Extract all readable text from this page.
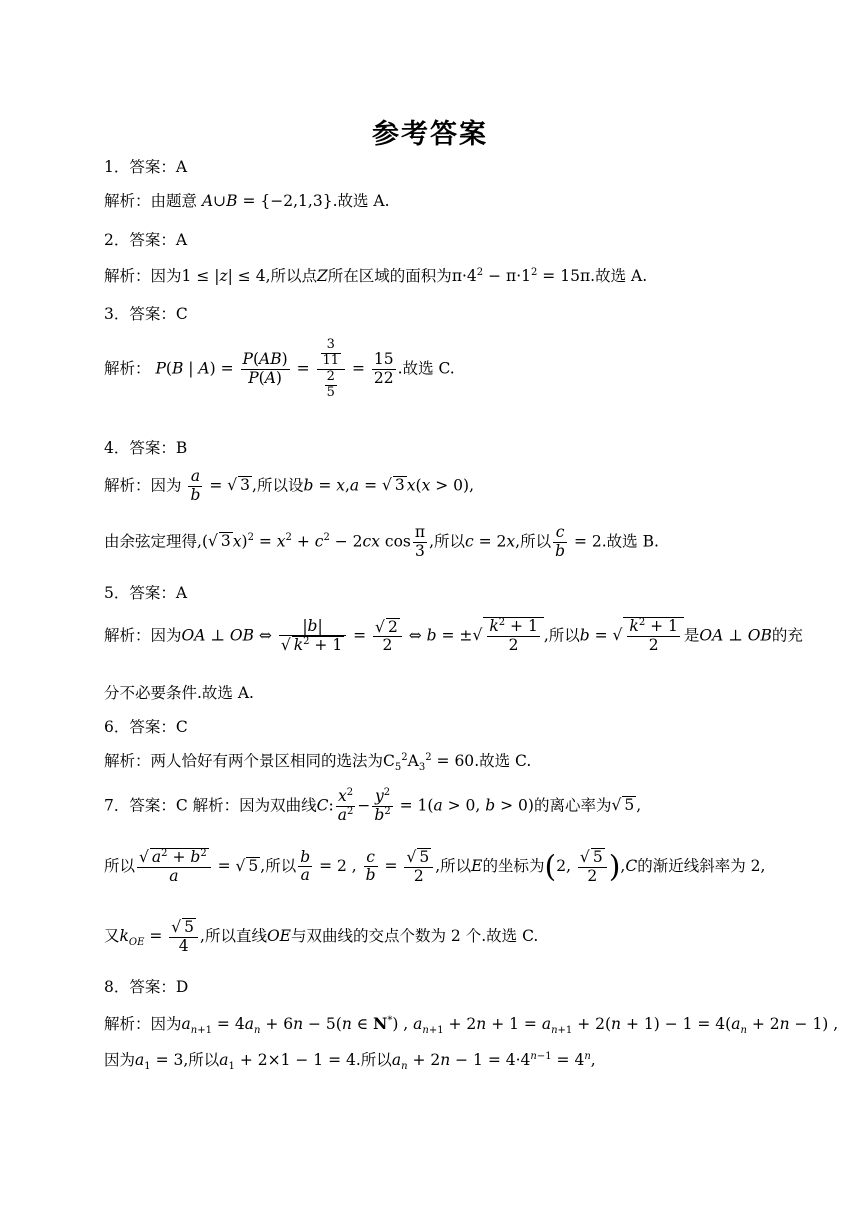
参考答案
1．答案：A
解析：由题意 A∪B = {−2,1,3}.故选 A.
2．答案：A
解析：因为1 ≤ |z| ≤ 4,所以点Z所在区域的面积为$\pi\cdot 4^2 - \pi\cdot 1^2 = 15\pi$.故选 A.
3．答案：C
解析： P(B | $A) = \frac{P(AB)}{P(A)} = \frac{\frac{3}{11}}{\frac{2}{5}} = \frac{15}{22}$ .故选 C.
4．答案：B
解析：因为 $\frac{a}{b}$ = √ 3 ,所以设b = x,a = √ 3 x(x > 0),
由余弦定理得,( √ 3 $x)^2 = x^2 + c^2 - 2cx$ $\cos \frac{\pi}{3}$ ,所以c = 2x,所以 $\frac{c}{b} = 2$.故选 B.
5．答案：A
解析：因为OA ⊥ OB ⇔ |b|
√ $k^2 + 1$ = √ $\frac{2}{2}$ ⇔ b = ±√ $\frac{k^2 + 1}{2}$ ,所以b = √ $\frac{k^2 + 1}{2}$ 是OA ⊥ OB的充
分不必要条件.故选 A.
6．答案：C
解析：两人恰好有两个景区相同的选法为$C_5^2A_3^2 = 60$.故选 C.
7．答案：C 解析：因为双曲线C: $\frac{x^2}{a^2} - \frac{y^2}{b^2} = 1(a > 0$, b > 0)的离心率为 √ 5 ,
所以 √ $\frac{a^2 + b^2}{a}$ = √ 5 ,所以 $\frac{b}{a} = 2$ , $\frac{c}{b}$ = √ $\frac{5}{2}$ ,所以E的坐标为(2, √ $\frac{5}{2} ),C$的渐近线斜率为 2,
又$k_{OE}$ = √ $\frac{5}{4}$ ,所以直线OE与双曲线的交点个数为 2 个.故选 C.
8．答案：D
解析：因为$a_{n+1} = 4a_n + 6n - 5(n$ ∈ N*) , $a_{n+1} + 2n + 1 = a_{n+1} + 2(n + 1) - 1 = 4(a_n + 2n - 1)$ ,
因为$a_1 = 3$,所以$a_1 + 2\times 1 - 1 = 4$.所以$a_n + 2n - 1 = 4\cdot 4^{n-1} = 4^n$,
